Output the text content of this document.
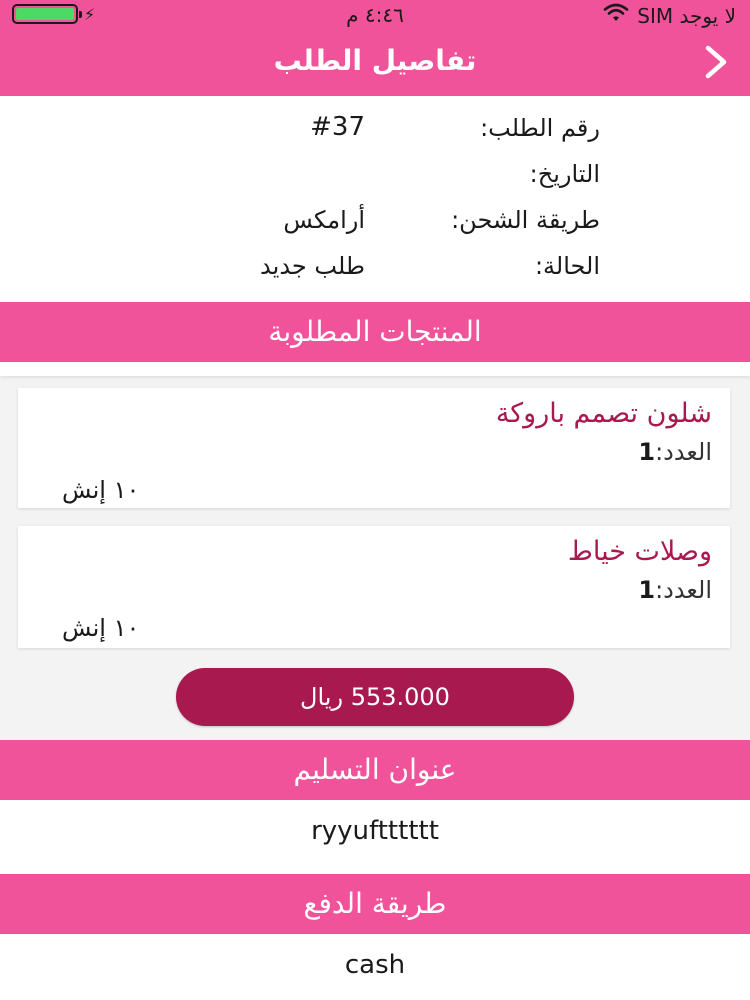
لا يوجد SIM
٤:٤٦ م
⚡
تفاصيل الطلب
رقم الطلب:
#37
التاريخ:
طريقة الشحن:
أرامكس
الحالة:
طلب جديد
المنتجات المطلوبة
شلون تصمم باروكة
العدد:1
١٠ إنش
وصلات خياط
العدد:1
١٠ إنش
553.000 ريال
عنوان التسليم
ryyuftttttt
طريقة الدفع
cash
